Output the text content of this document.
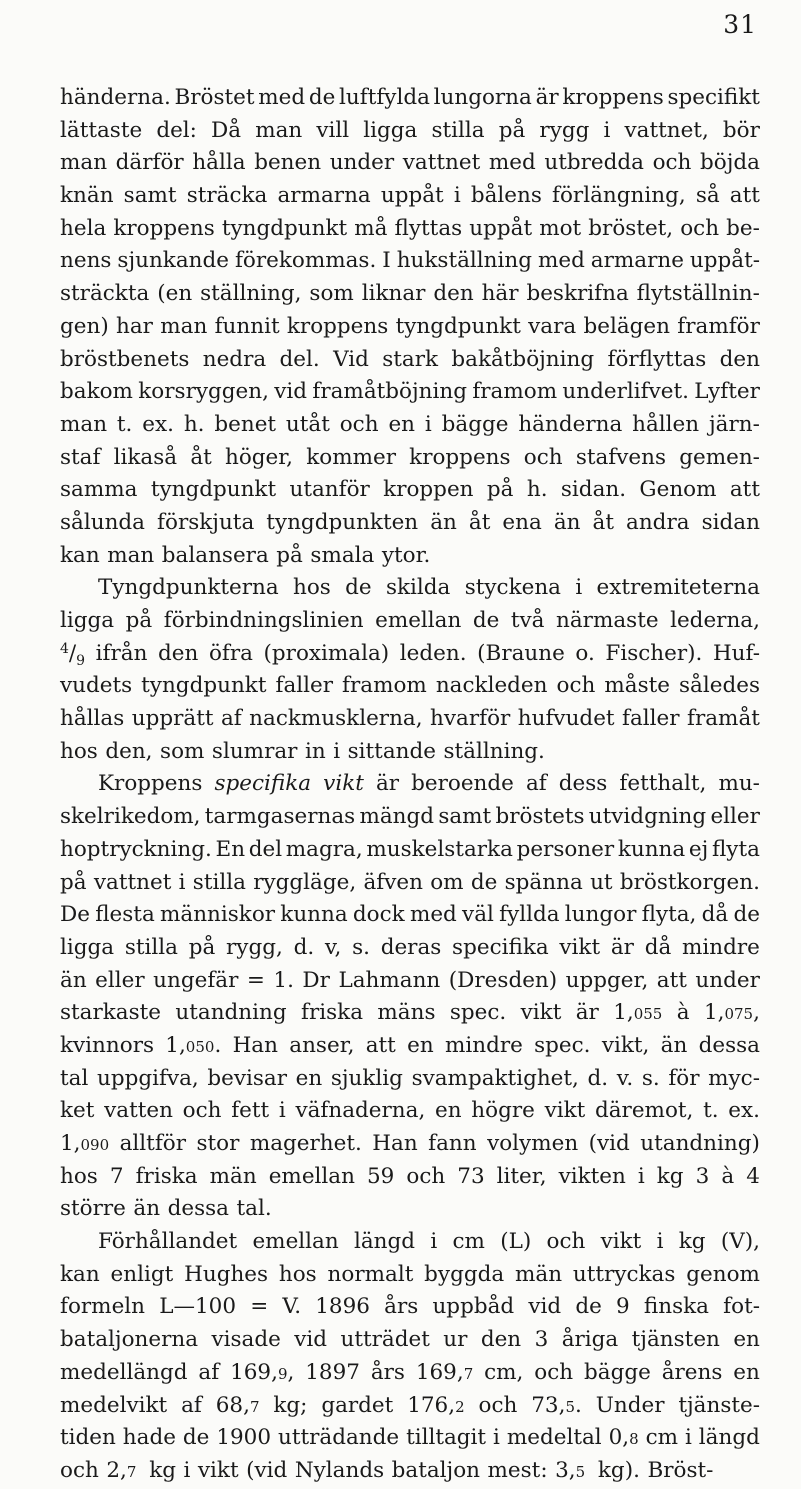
31
händerna. Bröstet med de luftfylda lungorna är kroppens specifikt
lättaste del: Då man vill ligga stilla på rygg i vattnet, bör
man därför hålla benen under vattnet med utbredda och böjda
knän samt sträcka armarna uppåt i bålens förlängning, så att
hela kroppens tyngdpunkt må flyttas uppåt mot bröstet, och be-
nens sjunkande förekommas. I hukställning med armarne uppåt-
sträckta (en ställning, som liknar den här beskrifna flytställnin-
gen) har man funnit kroppens tyngdpunkt vara belägen framför
bröstbenets nedra del. Vid stark bakåtböjning förflyttas den
bakom korsryggen, vid framåtböjning framom underlifvet. Lyfter
man t. ex. h. benet utåt och en i bägge händerna hållen järn-
staf likaså åt höger, kommer kroppens och stafvens gemen-
samma tyngdpunkt utanför kroppen på h. sidan. Genom att
sålunda förskjuta tyngdpunkten än åt ena än åt andra sidan
kan man balansera på smala ytor.
Tyngdpunkterna hos de skilda styckena i extremiteterna
ligga på förbindningslinien emellan de två närmaste lederna,
$^4/_9$ ifrån den öfra (proximala) leden. (Braune o. Fischer). Huf-
vudets tyngdpunkt faller framom nackleden och måste således
hållas upprätt af nackmusklerna, hvarför hufvudet faller framåt
hos den, som slumrar in i sittande ställning.
Kroppens specifika vikt är beroende af dess fetthalt, mu-
skelrikedom, tarmgasernas mängd samt bröstets utvidgning eller
hoptryckning. En del magra, muskelstarka personer kunna ej flyta
på vattnet i stilla ryggläge, äfven om de spänna ut bröstkorgen.
De flesta människor kunna dock med väl fyllda lungor flyta, då de
ligga stilla på rygg, d. v, s. deras specifika vikt är då mindre
än eller ungefär = 1. Dr Lahmann (Dresden) uppger, att under
starkaste utandning friska mäns spec. vikt är 1,055 à 1,075,
kvinnors 1,050. Han anser, att en mindre spec. vikt, än dessa
tal uppgifva, bevisar en sjuklig svampaktighet, d. v. s. för myc-
ket vatten och fett i väfnaderna, en högre vikt däremot, t. ex.
1,090 alltför stor magerhet. Han fann volymen (vid utandning)
hos 7 friska män emellan 59 och 73 liter, vikten i kg 3 à 4
större än dessa tal.
Förhållandet emellan längd i cm (L) och vikt i kg (V),
kan enligt Hughes hos normalt byggda män uttryckas genom
formeln L—100 = V. 1896 års uppbåd vid de 9 finska fot-
bataljonerna visade vid utträdet ur den 3 åriga tjänsten en
medellängd af 169,9, 1897 års 169,7 cm, och bägge årens en
medelvikt af 68,7 kg; gardet 176,2 och 73,5. Under tjänste-
tiden hade de 1900 utträdande tilltagit i medeltal 0,8 cm i längd
och 2,7 kg i vikt (vid Nylands bataljon mest: 3,5 kg). Bröst-
